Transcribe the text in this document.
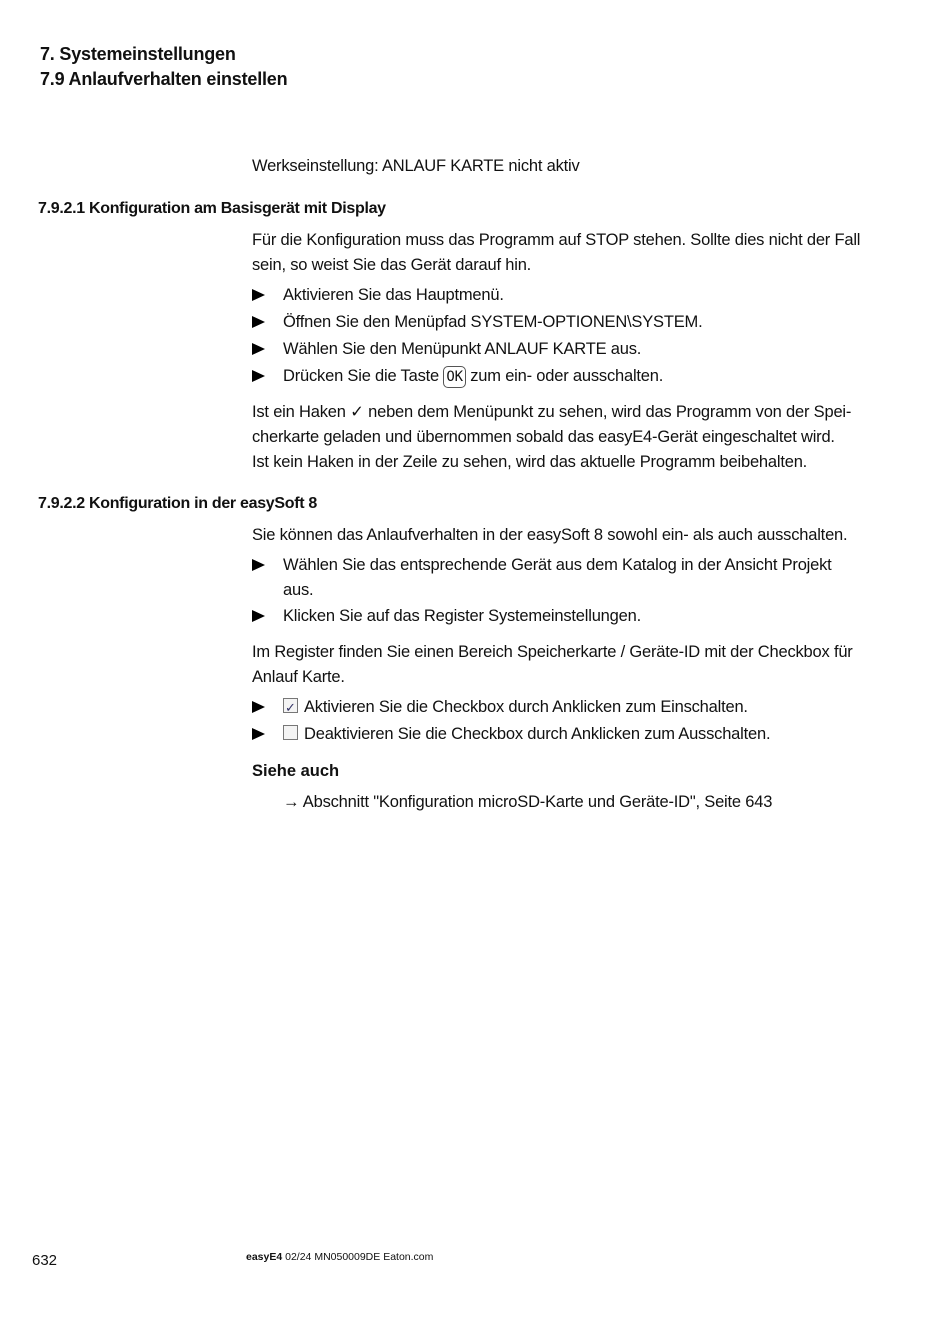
7. Systemeinstellungen
7.9 Anlaufverhalten einstellen
Werkseinstellung: ANLAUF KARTE nicht aktiv
7.9.2.1 Konfiguration am Basisgerät mit Display
Für die Konfiguration muss das Programm auf STOP stehen. Sollte dies nicht der Fall
sein, so weist Sie das Gerät darauf hin.
Aktivieren Sie das Hauptmenü.
Öffnen Sie den Menüpfad SYSTEM-OPTIONEN\SYSTEM.
Wählen Sie den Menüpunkt ANLAUF KARTE aus.
Drücken Sie die Taste OK zum ein- oder ausschalten.
Ist ein Haken ✓ neben dem Menüpunkt zu sehen, wird das Programm von der Spei-
cherkarte geladen und übernommen sobald das easyE4-Gerät eingeschaltet wird.
Ist kein Haken in der Zeile zu sehen, wird das aktuelle Programm beibehalten.
7.9.2.2 Konfiguration in der easySoft 8
Sie können das Anlaufverhalten in der easySoft 8 sowohl ein- als auch ausschalten.
Wählen Sie das entsprechende Gerät aus dem Katalog in der Ansicht Projekt
aus.
Klicken Sie auf das Register Systemeinstellungen.
Im Register finden Sie einen Bereich Speicherkarte / Geräte-ID mit der Checkbox für
Anlauf Karte.
✓ Aktivieren Sie die Checkbox durch Anklicken zum Einschalten.
Deaktivieren Sie die Checkbox durch Anklicken zum Ausschalten.
Siehe auch
→ Abschnitt "Konfiguration microSD-Karte und Geräte-ID", Seite 643
632	easyE4 02/24 MN050009DE Eaton.com
